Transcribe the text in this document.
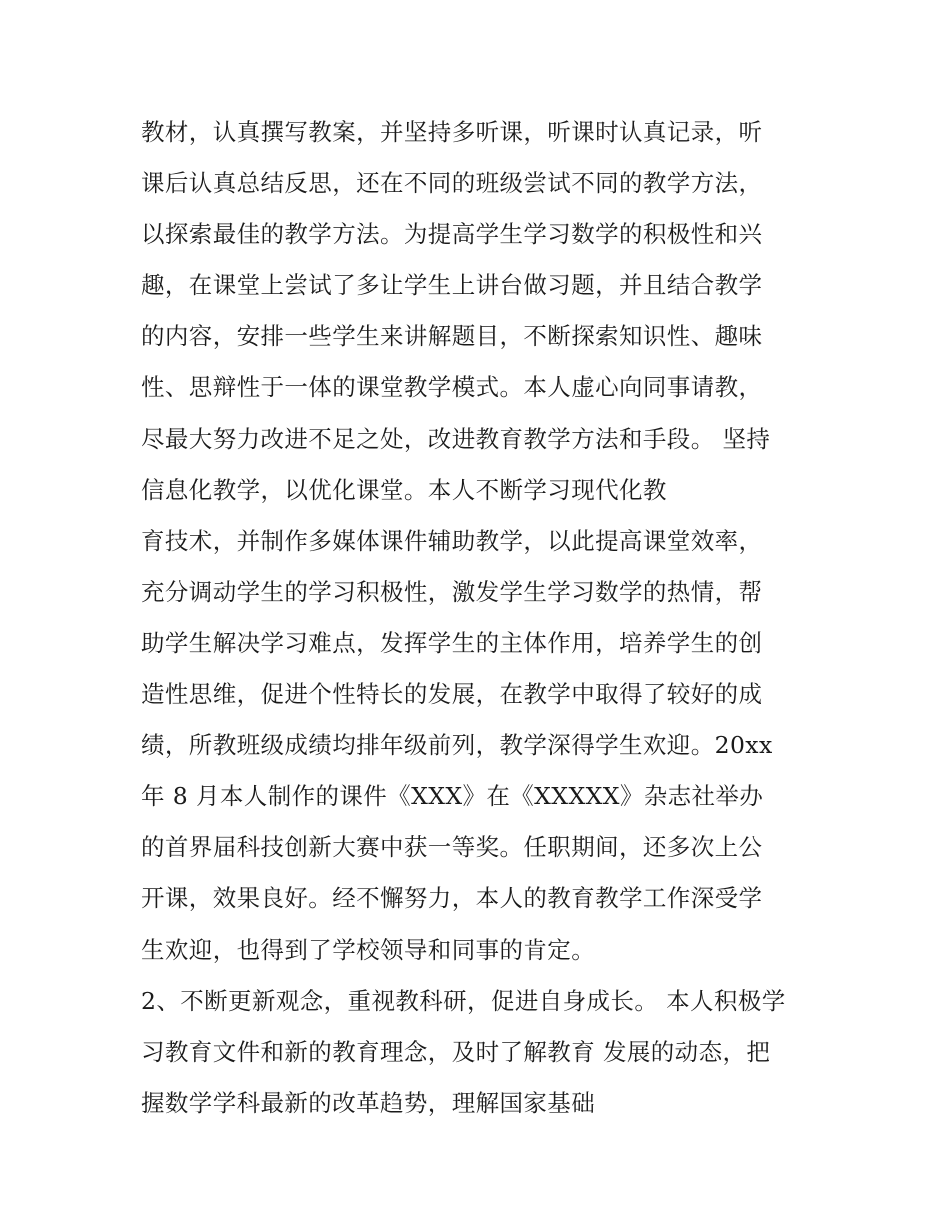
教材，认真撰写教案，并坚持多听课，听课时认真记录，听
课后认真总结反思，还在不同的班级尝试不同的教学方法，
以探索最佳的教学方法。为提高学生学习数学的积极性和兴
趣，在课堂上尝试了多让学生上讲台做习题，并且结合教学
的内容，安排一些学生来讲解题目，不断探索知识性、趣味
性、思辩性于一体的课堂教学模式。本人虚心向同事请教，
尽最大努力改进不足之处，改进教育教学方法和手段。 坚持
信息化教学，以优化课堂。本人不断学习现代化教
育技术，并制作多媒体课件辅助教学，以此提高课堂效率，
充分调动学生的学习积极性，激发学生学习数学的热情，帮
助学生解决学习难点，发挥学生的主体作用，培养学生的创
造性思维，促进个性特长的发展，在教学中取得了较好的成
绩，所教班级成绩均排年级前列，教学深得学生欢迎。20xx
年 8 月本人制作的课件《XXX》在《XXXXX》杂志社举办
的首界届科技创新大赛中获一等奖。任职期间，还多次上公
开课，效果良好。经不懈努力，本人的教育教学工作深受学
生欢迎，也得到了学校领导和同事的肯定。
2、不断更新观念，重视教科研，促进自身成长。 本人积极学
习教育文件和新的教育理念，及时了解教育 发展的动态，把
握数学学科最新的改革趋势，理解国家基础
